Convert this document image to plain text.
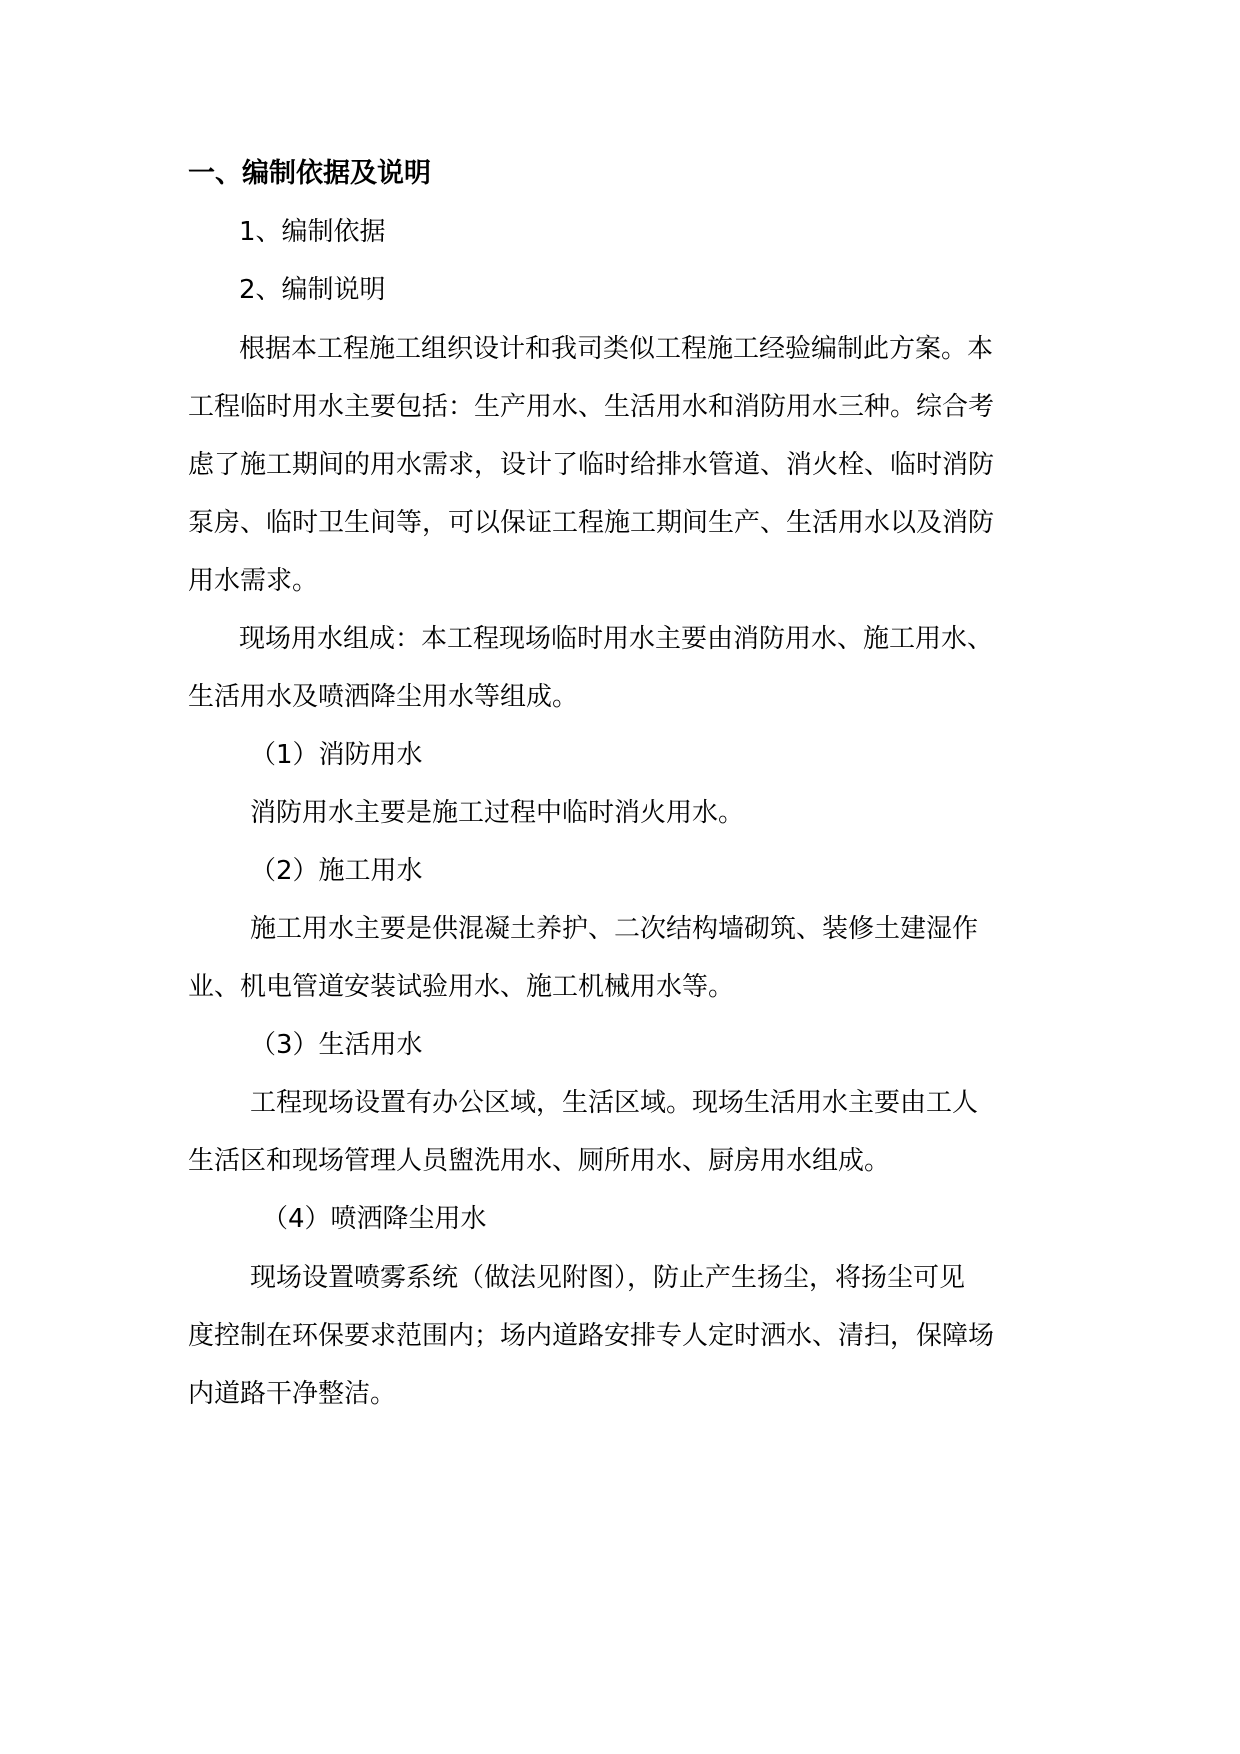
一、编制依据及说明
1、编制依据
2、编制说明
根据本工程施工组织设计和我司类似工程施工经验编制此方案。本
工程临时用水主要包括：生产用水、生活用水和消防用水三种。综合考
虑了施工期间的用水需求，设计了临时给排水管道、消火栓、临时消防
泵房、临时卫生间等，可以保证工程施工期间生产、生活用水以及消防
用水需求。
现场用水组成：本工程现场临时用水主要由消防用水、施工用水、
生活用水及喷洒降尘用水等组成。
（1）消防用水
消防用水主要是施工过程中临时消火用水。
（2）施工用水
施工用水主要是供混凝土养护、二次结构墙砌筑、装修土建湿作
业、机电管道安装试验用水、施工机械用水等。
（3）生活用水
工程现场设置有办公区域，生活区域。现场生活用水主要由工人
生活区和现场管理人员盥洗用水、厕所用水、厨房用水组成。
（4）喷洒降尘用水
现场设置喷雾系统（做法见附图），防止产生扬尘，将扬尘可见
度控制在环保要求范围内；场内道路安排专人定时洒水、清扫，保障场
内道路干净整洁。
